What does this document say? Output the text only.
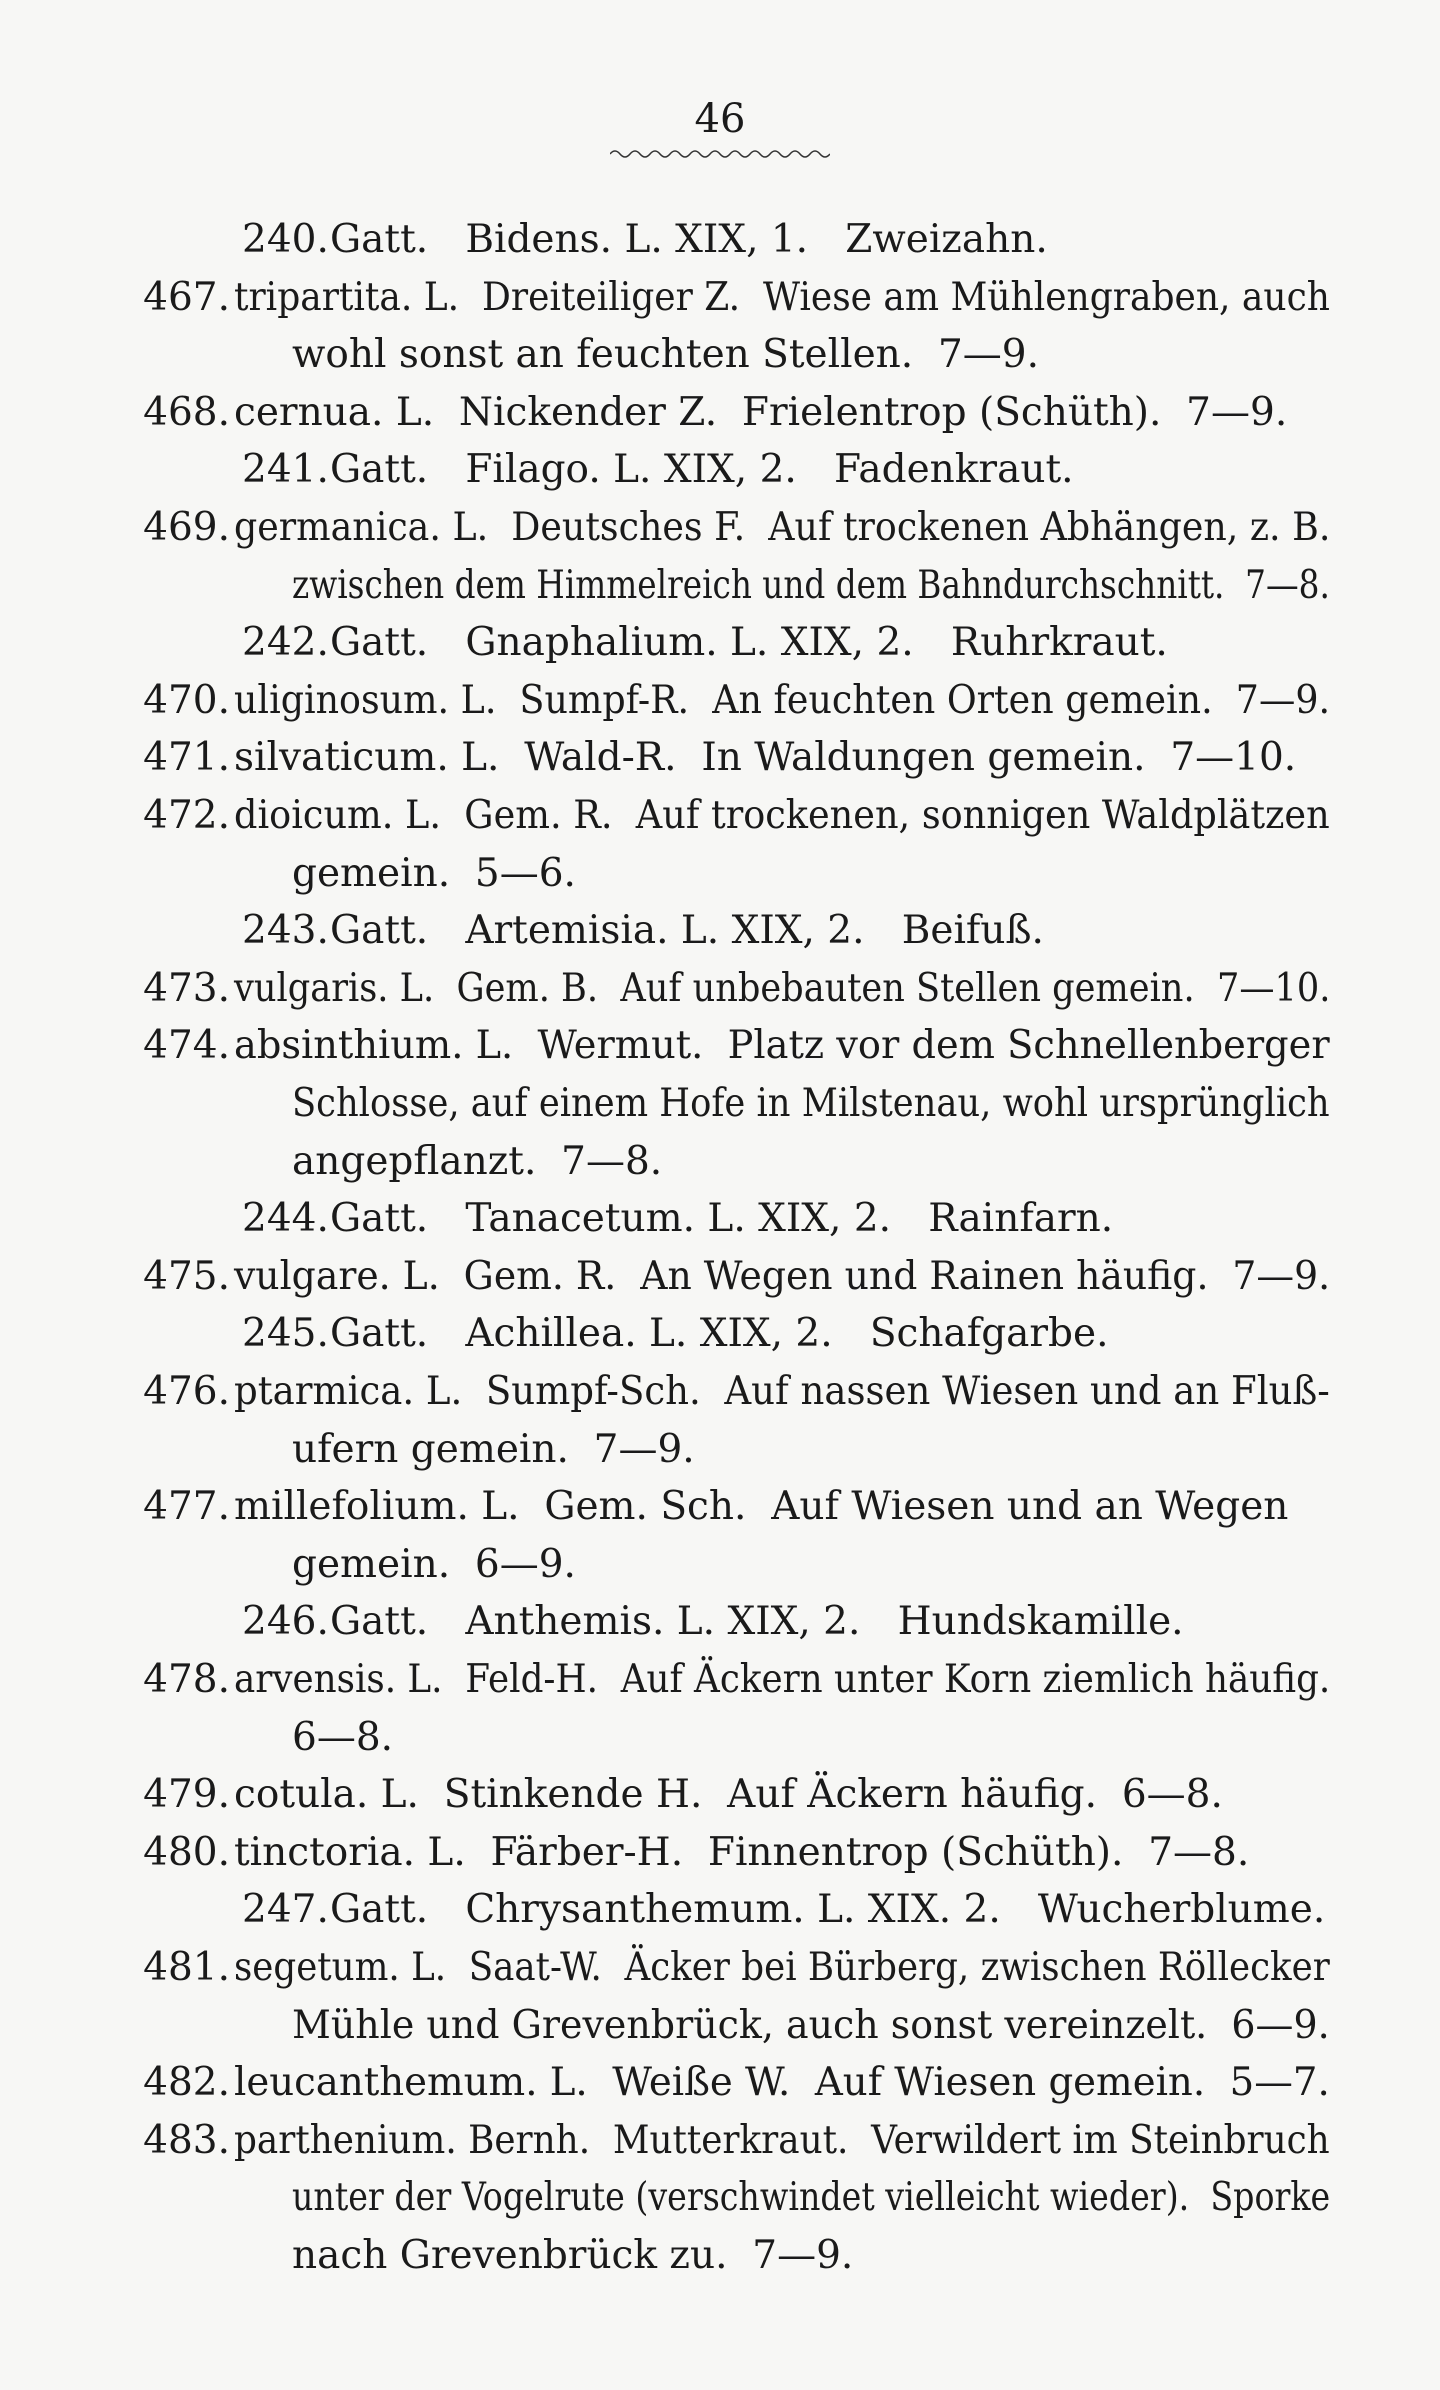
46
240. Gatt.   Bidens. L. XIX, 1.   Zweizahn.
467. tripartita. L.  Dreiteiliger Z.  Wiese am Mühlengraben, auch
wohl sonst an feuchten Stellen.  7—9.
468. cernua. L.  Nickender Z.  Frielentrop (Schüth).  7—9.
241. Gatt.   Filago. L. XIX, 2.   Fadenkraut.
469. germanica. L.  Deutsches F.  Auf trockenen Abhängen, z. B.
zwischen dem Himmelreich und dem Bahndurchschnitt.  7—8.
242. Gatt.   Gnaphalium. L. XIX, 2.   Ruhrkraut.
470. uliginosum. L.  Sumpf-R.  An feuchten Orten gemein.  7—9.
471. silvaticum. L.  Wald-R.  In Waldungen gemein.  7—10.
472. dioicum. L.  Gem. R.  Auf trockenen, sonnigen Waldplätzen
gemein.  5—6.
243. Gatt.   Artemisia. L. XIX, 2.   Beifuß.
473. vulgaris. L.  Gem. B.  Auf unbebauten Stellen gemein.  7—10.
474. absinthium. L.  Wermut.  Platz vor dem Schnellenberger
Schlosse, auf einem Hofe in Milstenau, wohl ursprünglich
angepflanzt.  7—8.
244. Gatt.   Tanacetum. L. XIX, 2.   Rainfarn.
475. vulgare. L.  Gem. R.  An Wegen und Rainen häufig.  7—9.
245. Gatt.   Achillea. L. XIX, 2.   Schafgarbe.
476. ptarmica. L.  Sumpf-Sch.  Auf nassen Wiesen und an Fluß-
ufern gemein.  7—9.
477. millefolium. L.  Gem. Sch.  Auf Wiesen und an Wegen
gemein.  6—9.
246. Gatt.   Anthemis. L. XIX, 2.   Hundskamille.
478. arvensis. L.  Feld-H.  Auf Äckern unter Korn ziemlich häufig.
6—8.
479. cotula. L.  Stinkende H.  Auf Äckern häufig.  6—8.
480. tinctoria. L.  Färber-H.  Finnentrop (Schüth).  7—8.
247. Gatt.   Chrysanthemum. L. XIX. 2.   Wucherblume.
481. segetum. L.  Saat-W.  Äcker bei Bürberg, zwischen Röllecker
Mühle und Grevenbrück, auch sonst vereinzelt.  6—9.
482. leucanthemum. L.  Weiße W.  Auf Wiesen gemein.  5—7.
483. parthenium. Bernh.  Mutterkraut.  Verwildert im Steinbruch
unter der Vogelrute (verschwindet vielleicht wieder).  Sporke
nach Grevenbrück zu.  7—9.
